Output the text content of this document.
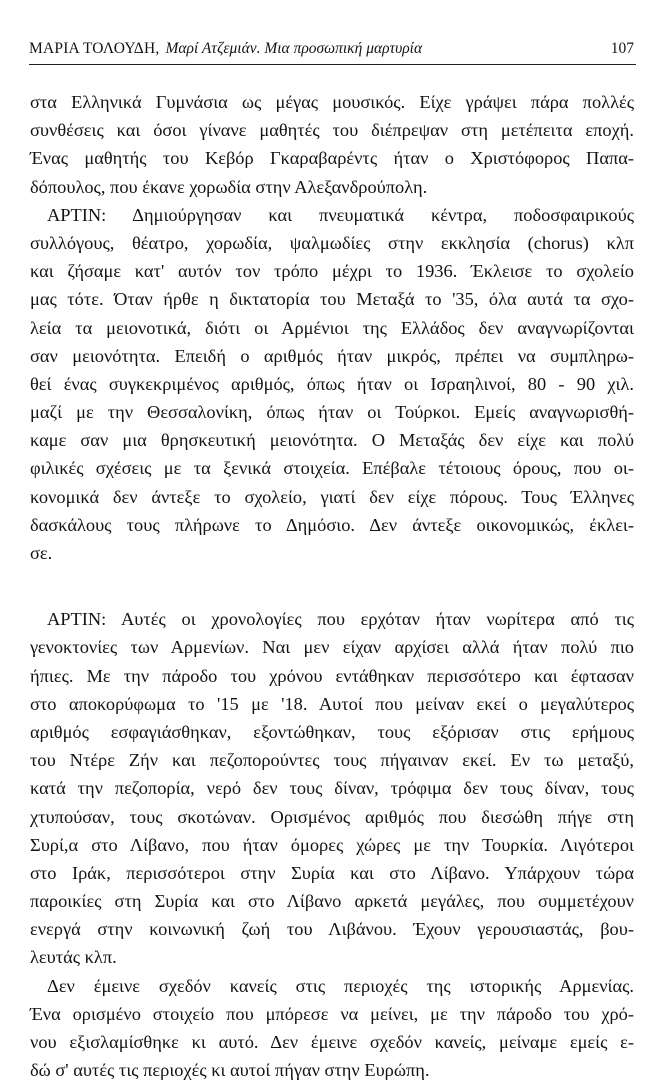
ΜΑΡΙΑ ΤΟΛΟΥΔΗ, Μαρί Ατζεμιάν. Μια προσωπική μαρτυρία	107
στα Ελληνικά Γυμνάσια ως μέγας μουσικός. Είχε γράψει πάρα πολλές
συνθέσεις και όσοι γίνανε μαθητές του διέπρεψαν στη μετέπειτα εποχή.
Ένας μαθητής του Κεβόρ Γκαραβαρέντς ήταν ο Χριστόφορος Παπα-
δόπουλος, που έκανε χορωδία στην Αλεξανδρούπολη.
ΑΡΤΙΝ: Δημιούργησαν και πνευματικά κέντρα, ποδοσφαιρικούς
συλλόγους, θέατρο, χορωδία, ψαλμωδίες στην εκκλησία (chorus) κλπ
και ζήσαμε κατ' αυτόν τον τρόπο μέχρι το 1936. Έκλεισε το σχολείο
μας τότε. Όταν ήρθε η δικτατορία του Μεταξά το '35, όλα αυτά τα σχο-
λεία τα μειονοτικά, διότι οι Αρμένιοι της Ελλάδος δεν αναγνωρίζονται
σαν μειονότητα. Επειδή ο αριθμός ήταν μικρός, πρέπει να συμπληρω-
θεί ένας συγκεκριμένος αριθμός, όπως ήταν οι Ισραηλινοί, 80 - 90 χιλ.
μαζί με την Θεσσαλονίκη, όπως ήταν οι Τούρκοι. Εμείς αναγνωρισθή-
καμε σαν μια θρησκευτική μειονότητα. Ο Μεταξάς δεν είχε και πολύ
φιλικές σχέσεις με τα ξενικά στοιχεία. Επέβαλε τέτοιους όρους, που οι-
κονομικά δεν άντεξε το σχολείο, γιατί δεν είχε πόρους. Τους Έλληνες
δασκάλους τους πλήρωνε το Δημόσιο. Δεν άντεξε οικονομικώς, έκλει-
σε.
ΑΡΤΙΝ: Αυτές οι χρονολογίες που ερχόταν ήταν νωρίτερα από τις
γενοκτονίες των Αρμενίων. Ναι μεν είχαν αρχίσει αλλά ήταν πολύ πιο
ήπιες. Με την πάροδο του χρόνου εντάθηκαν περισσότερο και έφτασαν
στο αποκορύφωμα το '15 με '18. Αυτοί που μείναν εκεί ο μεγαλύτερος
αριθμός εσφαγιάσθηκαν, εξοντώθηκαν, τους εξόρισαν στις ερήμους
του Ντέρε Ζήν και πεζοπορούντες τους πήγαιναν εκεί. Εν τω μεταξύ,
κατά την πεζοπορία, νερό δεν τους δίναν, τρόφιμα δεν τους δίναν, τους
χτυπούσαν, τους σκοτώναν. Ορισμένος αριθμός που διεσώθη πήγε στη
Συρί,α στο Λίβανο, που ήταν όμορες χώρες με την Τουρκία. Λιγότεροι
στο Ιράκ, περισσότεροι στην Συρία και στο Λίβανο. Υπάρχουν τώρα
παροικίες στη Συρία και στο Λίβανο αρκετά μεγάλες, που συμμετέχουν
ενεργά στην κοινωνική ζωή του Λιβάνου. Έχουν γερουσιαστάς, βου-
λευτάς κλπ.
Δεν έμεινε σχεδόν κανείς στις περιοχές της ιστορικής Αρμενίας.
Ένα ορισμένο στοιχείο που μπόρεσε να μείνει, με την πάροδο του χρό-
νου εξισλαμίσθηκε κι αυτό. Δεν έμεινε σχεδόν κανείς, μείναμε εμείς ε-
δώ σ' αυτές τις περιοχές κι αυτοί πήγαν στην Ευρώπη.
